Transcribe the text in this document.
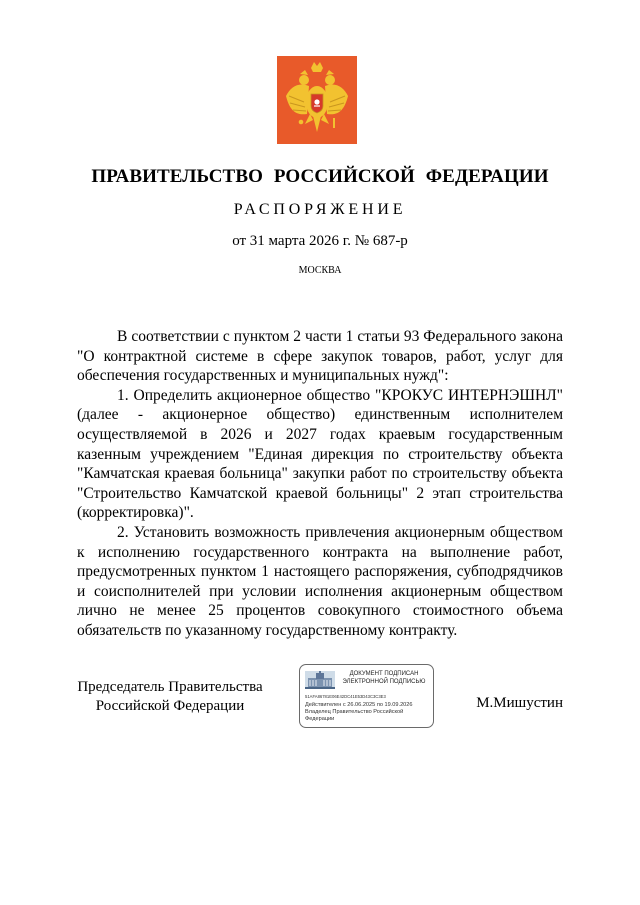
ПРАВИТЕЛЬСТВО РОССИЙСКОЙ ФЕДЕРАЦИИ
РАСПОРЯЖЕНИЕ
от 31 марта 2026 г. № 687-р
МОСКВА

В соответствии с пунктом 2 части 1 статьи 93 Федерального закона "О контрактной системе в сфере закупок товаров, работ, услуг для обеспечения государственных и муниципальных нужд":

1. Определить акционерное общество "КРОКУС ИНТЕРНЭШНЛ" (далее - акционерное общество) единственным исполнителем осуществляемой в 2026 и 2027 годах краевым государственным казенным учреждением "Единая дирекция по строительству объекта "Камчатская краевая больница" закупки работ по строительству объекта "Строительство Камчатской краевой больницы" 2 этап строительства (корректировка)".

2. Установить возможность привлечения акционерным обществом к исполнению государственного контракта на выполнение работ, предусмотренных пунктом 1 настоящего распоряжения, субподрядчиков и соисполнителей при условии исполнения акционерным обществом лично не менее 25 процентов совокупного стоимостного объема обязательств по указанному государственному контракту.

Председатель Правительства
Российской Федерации
ДОКУМЕНТ ПОДПИСАН
ЭЛЕКТРОННОЙ ПОДПИСЬЮ
51AFA86781E06E42DC41E53D43C3C3E3
Действителен с 26.06.2025 по 19.09.2026
Владелец Правительство Российской
Федерации
М.Мишустин
